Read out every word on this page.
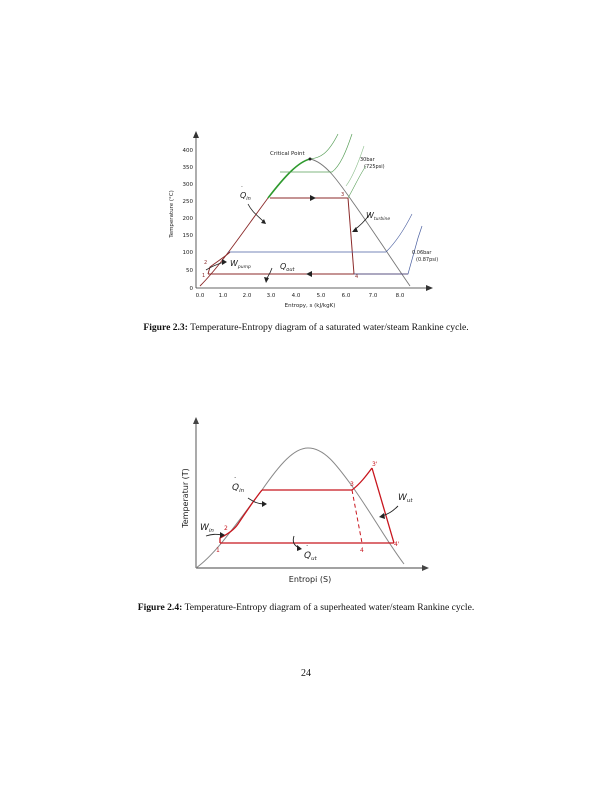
0
50
100
150
200
250
300
350
400
0.0	1.0	2.0	3.0	4.0	5.0	6.0	7.0	8.0
Entropy, s (kJ/kgK)
Temperature (°C)
Critical Point
30bar
(725psi)
0.06bar
(0.87psi)
$Q_{in}$
·
$Q_{out}$
$W_{turbine}$
$W_{pump}$
1
2
3
4
Figure 2.3: Temperature-Entropy diagram of a saturated water/steam Rankine cycle.
Entropi (S)
Temperatur (T)	$Q_{in}$
·
$W_{ut}$
$W_{in}$
$Q_{ut}$
·
1
2
3
3'
4
4'
Figure 2.4: Temperature-Entropy diagram of a superheated water/steam Rankine cycle.
24
